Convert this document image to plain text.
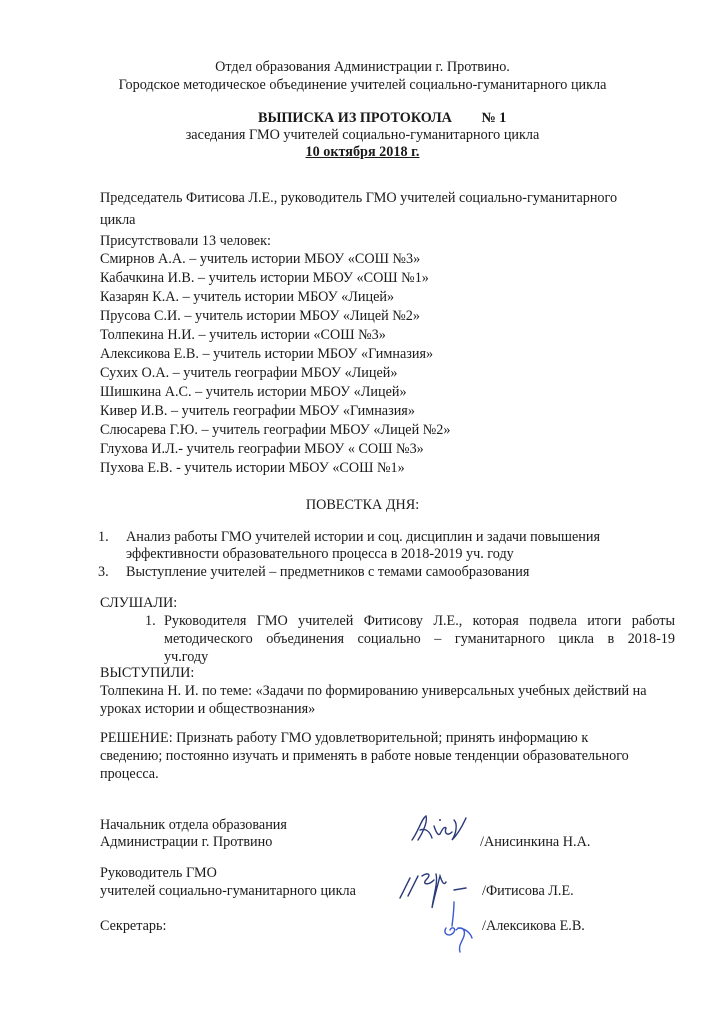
Отдел образования Администрации г. Протвино.
Городское методическое объединение учителей социально-гуманитарного цикла
ВЫПИСКА ИЗ ПРОТОКОЛА № 1
заседания ГМО учителей социально-гуманитарного цикла
10 октября 2018 г.
Председатель Фитисова Л.Е., руководитель ГМО учителей социально-гуманитарного
цикла
Присутствовали 13 человек:
Смирнов А.А. – учитель истории МБОУ «СОШ №3»
Кабачкина И.В. – учитель истории МБОУ «СОШ №1»
Казарян К.А. – учитель истории МБОУ «Лицей»
Прусова С.И. – учитель истории МБОУ «Лицей №2»
Толпекина Н.И. – учитель истории «СОШ №3»
Алексикова Е.В. – учитель истории МБОУ «Гимназия»
Сухих О.А. – учитель географии МБОУ «Лицей»
Шишкина А.С. – учитель истории МБОУ «Лицей»
Кивер И.В. – учитель географии МБОУ «Гимназия»
Слюсарева Г.Ю. – учитель географии МБОУ «Лицей №2»
Глухова И.Л.- учитель географии МБОУ « СОШ №3»
Пухова Е.В. - учитель истории МБОУ «СОШ №1»
ПОВЕСТКА ДНЯ:
1. Анализ работы ГМО учителей истории и соц. дисциплин и задачи повышения
эффективности образовательного процесса в 2018-2019 уч. году
3. Выступление учителей – предметников с темами самообразования
СЛУШАЛИ:
1. Руководителя ГМО учителей Фитисову Л.Е., которая подвела итоги работы
методического объединения социально – гуманитарного цикла в 2018-19
уч.году
ВЫСТУПИЛИ:
Толпекина Н. И. по теме: «Задачи по формированию универсальных учебных действий на
уроках истории и обществознания»
РЕШЕНИЕ: Признать работу ГМО удовлетворительной; принять информацию к
сведению; постоянно изучать и применять в работе новые тенденции образовательного
процесса.
Начальник отдела образования
Администрации г. Протвино	/Анисинкина Н.А.
Руководитель ГМО
учителей социально-гуманитарного цикла	/Фитисова Л.Е.
Секретарь:	/Алексикова Е.В.
